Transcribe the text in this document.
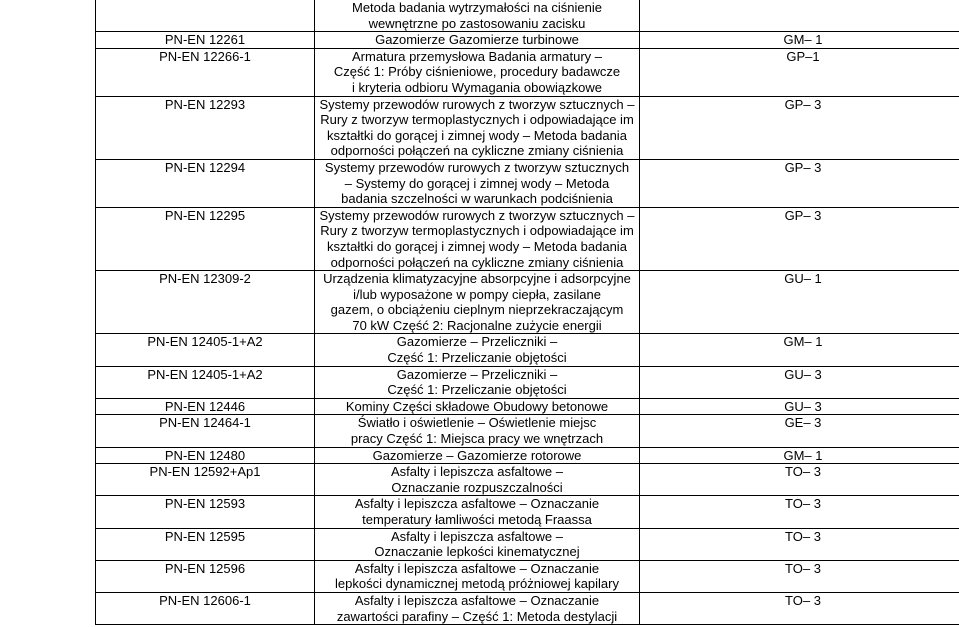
	Metoda badania wytrzymałości na ciśnienie
wewnętrzne po zastosowaniu zacisku	
PN-EN 12261	Gazomierze Gazomierze turbinowe	GM– 1
PN-EN 12266-1	Armatura przemysłowa Badania armatury –
Część 1: Próby ciśnieniowe, procedury badawcze
i kryteria odbioru Wymagania obowiązkowe	GP–1
PN-EN 12293	Systemy przewodów rurowych z tworzyw sztucznych –
Rury z tworzyw termoplastycznych i odpowiadające im
kształtki do gorącej i zimnej wody – Metoda badania
odporności połączeń na cykliczne zmiany ciśnienia	GP– 3
PN-EN 12294	Systemy przewodów rurowych z tworzyw sztucznych
– Systemy do gorącej i zimnej wody – Metoda
badania szczelności w warunkach podciśnienia	GP– 3
PN-EN 12295	Systemy przewodów rurowych z tworzyw sztucznych –
Rury z tworzyw termoplastycznych i odpowiadające im
kształtki do gorącej i zimnej wody – Metoda badania
odporności połączeń na cykliczne zmiany ciśnienia	GP– 3
PN-EN 12309-2	Urządzenia klimatyzacyjne absorpcyjne i adsorpcyjne
i/lub wyposażone w pompy ciepła, zasilane
gazem, o obciążeniu cieplnym nieprzekraczającym
70 kW Część 2: Racjonalne zużycie energii	GU– 1
PN-EN 12405-1+A2	Gazomierze – Przeliczniki –
Część 1: Przeliczanie objętości	GM– 1
PN-EN 12405-1+A2	Gazomierze – Przeliczniki –
Część 1: Przeliczanie objętości	GU– 3
PN-EN 12446	Kominy Części składowe Obudowy betonowe	GU– 3
PN-EN 12464-1	Światło i oświetlenie – Oświetlenie miejsc
pracy Część 1: Miejsca pracy we wnętrzach	GE– 3
PN-EN 12480	Gazomierze – Gazomierze rotorowe	GM– 1
PN-EN 12592+Ap1	Asfalty i lepiszcza asfaltowe –
Oznaczanie rozpuszczalności	TO– 3
PN-EN 12593	Asfalty i lepiszcza asfaltowe – Oznaczanie
temperatury łamliwości metodą Fraassa	TO– 3
PN-EN 12595	Asfalty i lepiszcza asfaltowe –
Oznaczanie lepkości kinematycznej	TO– 3
PN-EN 12596	Asfalty i lepiszcza asfaltowe – Oznaczanie
lepkości dynamicznej metodą próżniowej kapilary	TO– 3
PN-EN 12606-1	Asfalty i lepiszcza asfaltowe – Oznaczanie
zawartości parafiny – Część 1: Metoda destylacji	TO– 3
